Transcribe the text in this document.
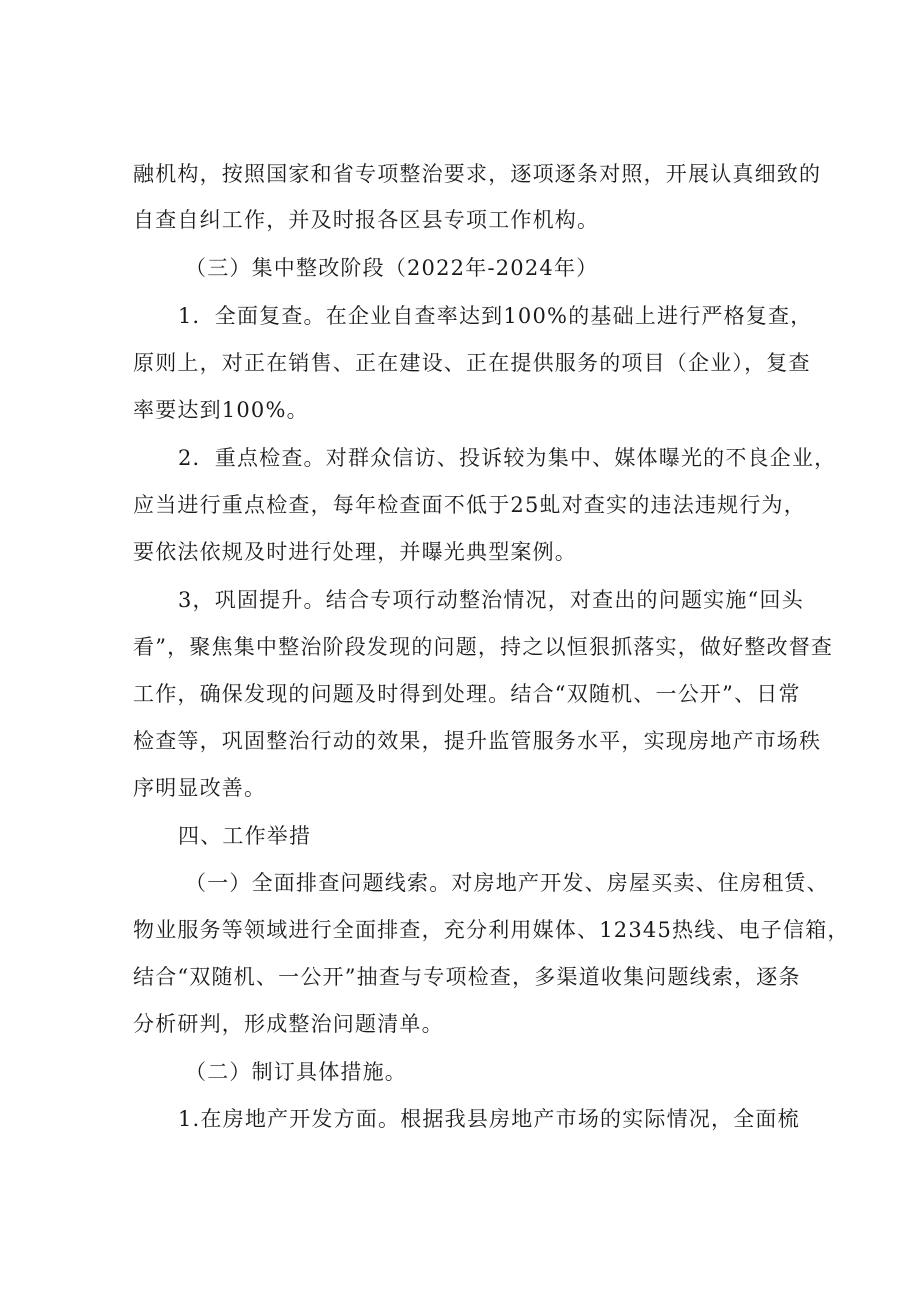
融机构，按照国家和省专项整治要求，逐项逐条对照，开展认真细致的
自查自纠工作，并及时报各区县专项工作机构。
（三）集中整改阶段（2022年-2024年）
1．全面复查。在企业自查率达到100%的基础上进行严格复查，
原则上，对正在销售、正在建设、正在提供服务的项目（企业），复查
率要达到100%。
2．重点检查。对群众信访、投诉较为集中、媒体曝光的不良企业，
应当进行重点检查，每年检查面不低于25虬对查实的违法违规行为，
要依法依规及时进行处理，并曝光典型案例。
3，巩固提升。结合专项行动整治情况，对查出的问题实施“回头
看”，聚焦集中整治阶段发现的问题，持之以恒狠抓落实，做好整改督查
工作，确保发现的问题及时得到处理。结合“双随机、一公开”、日常
检查等，巩固整治行动的效果，提升监管服务水平，实现房地产市场秩
序明显改善。
四、工作举措
（一）全面排查问题线索。对房地产开发、房屋买卖、住房租赁、
物业服务等领域进行全面排查，充分利用媒体、12345热线、电子信箱，
结合“双随机、一公开”抽查与专项检查，多渠道收集问题线索，逐条
分析研判，形成整治问题清单。
（二）制订具体措施。
1.在房地产开发方面。根据我县房地产市场的实际情况，全面梳
